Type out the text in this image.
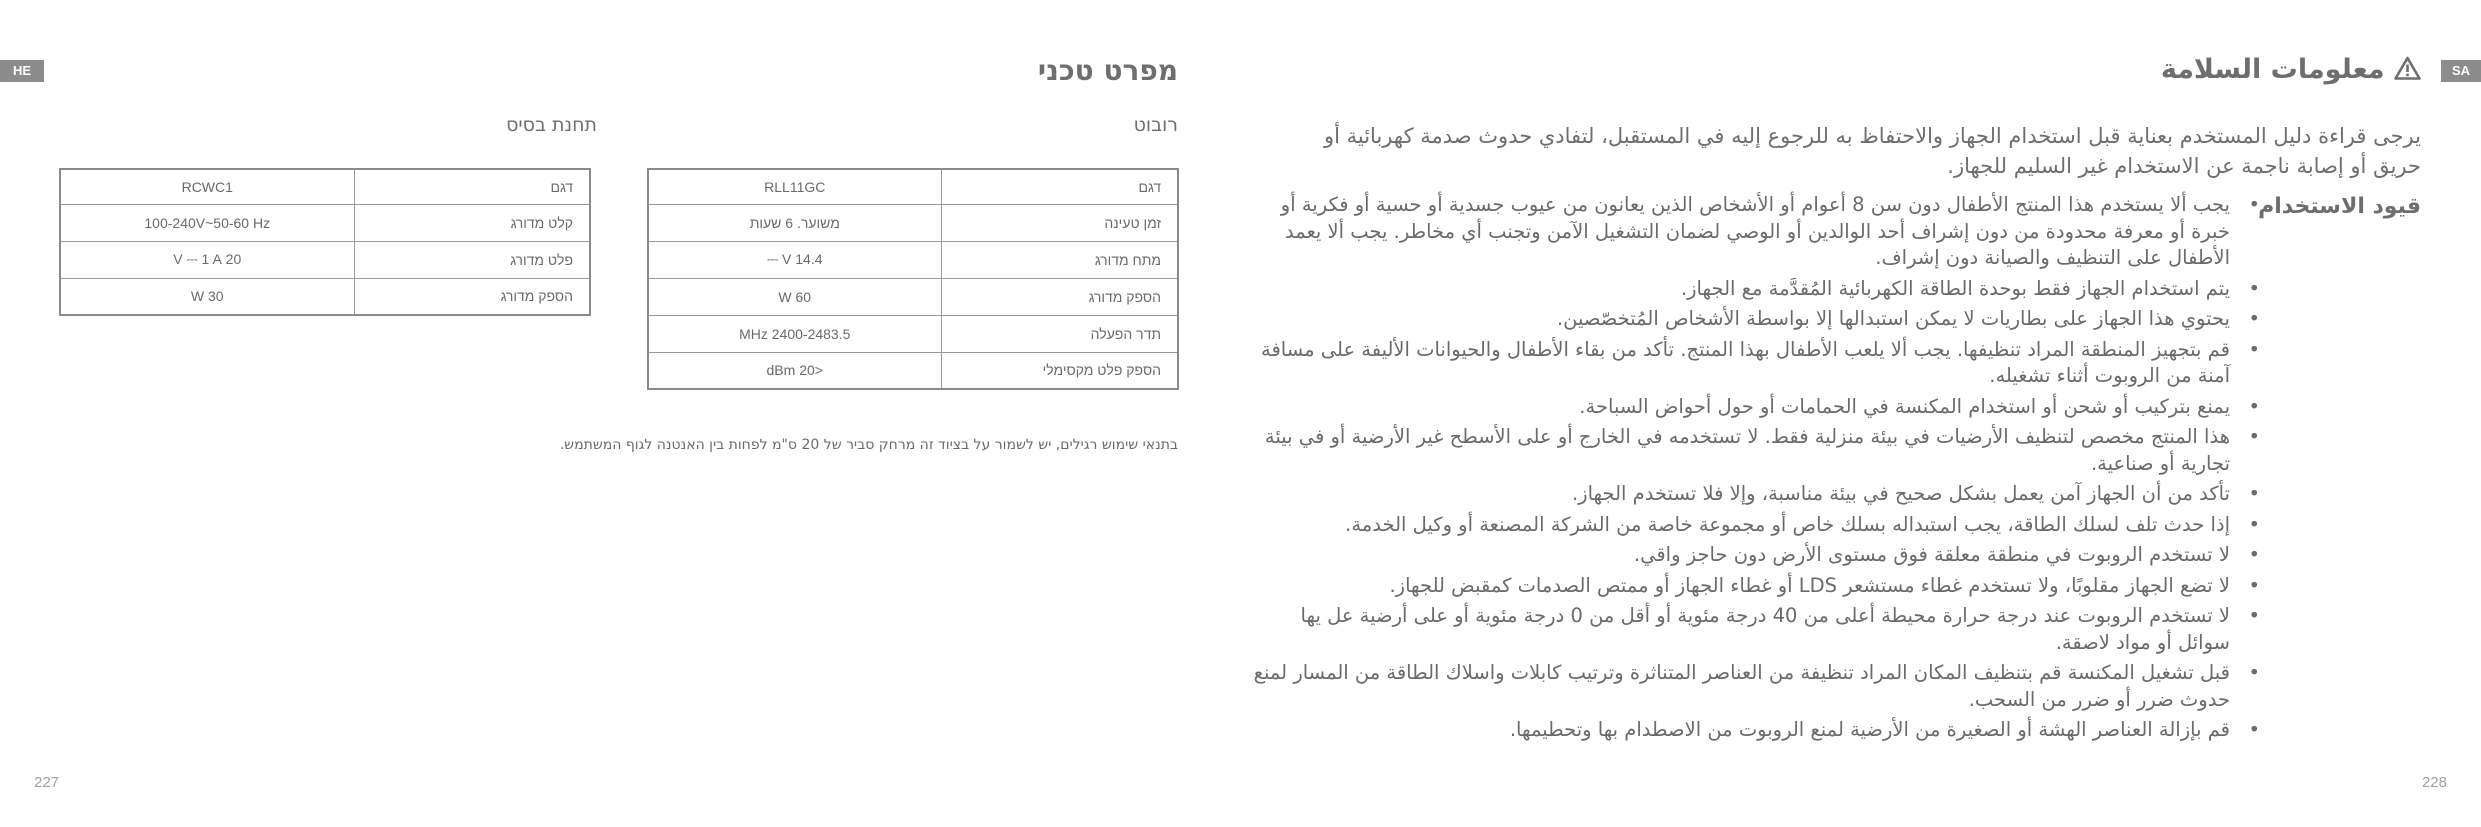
HE	מפרט טכני
רובוט
תחנת בסיס
דגם	RLL11GC
זמן טעינה	משוער. 6 שעות
מתח מדורג	14.4 V ⎓
הספק מדורג	60 W
תדר הפעלה	2400-2483.5 MHz
הספק פלט מקסימלי	<20 dBm
דגם	RCWC1
קלט מדורג	100-240V~50-60 Hz
פלט מדורג	20 V ⎓ 1 A
הספק מדורג	30 W
בתנאי שימוש רגילים, יש לשמור על בציוד זה מרחק סביר של 20 ס"מ לפחות בין האנטנה לגוף המשתמש.
227
SA
معلومات السلامة

يرجى قراءة دليل المستخدم بعناية قبل استخدام الجهاز والاحتفاظ به للرجوع إليه في المستقبل، لتفادي حدوث صدمة كهربائية أو حريق أو إصابة ناجمة عن الاستخدام غير السليم للجهاز.

قيود الاستخدام
• يجب ألا يستخدم هذا المنتج الأطفال دون سن 8 أعوام أو الأشخاص الذين يعانون من عيوب جسدية أو حسية أو فكرية أو خبرة أو معرفة محدودة من دون إشراف أحد الوالدين أو الوصي لضمان التشغيل الآمن وتجنب أي مخاطر. يجب ألا يعمد الأطفال على التنظيف والصيانة دون إشراف.
• يتم استخدام الجهاز فقط بوحدة الطاقة الكهربائية المُقدَّمة مع الجهاز.
• يحتوي هذا الجهاز على بطاريات لا يمكن استبدالها إلا بواسطة الأشخاص المُتخصّصين.
• قم بتجهيز المنطقة المراد تنظيفها. يجب ألا يلعب الأطفال بهذا المنتج. تأكد من بقاء الأطفال والحيوانات الأليفة على مسافة آمنة من الروبوت أثناء تشغيله.
• يمنع بتركيب أو شحن أو استخدام المكنسة في الحمامات أو حول أحواض السباحة.
• هذا المنتج مخصص لتنظيف الأرضيات في بيئة منزلية فقط. لا تستخدمه في الخارج أو على الأسطح غير الأرضية أو في بيئة تجارية أو صناعية.
• تأكد من أن الجهاز آمن يعمل بشكل صحيح في بيئة مناسبة، وإلا فلا تستخدم الجهاز.
• إذا حدث تلف لسلك الطاقة، يجب استبداله بسلك خاص أو مجموعة خاصة من الشركة المصنعة أو وكيل الخدمة.
• لا تستخدم الروبوت في منطقة معلقة فوق مستوى الأرض دون حاجز واقي.
• لا تضع الجهاز مقلوبًا، ولا تستخدم غطاء مستشعر LDS أو غطاء الجهاز أو ممتص الصدمات كمقبض للجهاز.
• لا تستخدم الروبوت عند درجة حرارة محيطة أعلى من 40 درجة مئوية أو أقل من 0 درجة مئوية أو على أرضية عل يها سوائل أو مواد لاصقة.
• قبل تشغيل المكنسة قم بتنظيف المكان المراد تنظيفة من العناصر المتناثرة وترتيب كابلات واسلاك الطاقة من المسار لمنع حدوث ضرر أو ضرر من السحب.
• قم بإزالة العناصر الهشة أو الصغيرة من الأرضية لمنع الروبوت من الاصطدام بها وتحطيمها.
228
